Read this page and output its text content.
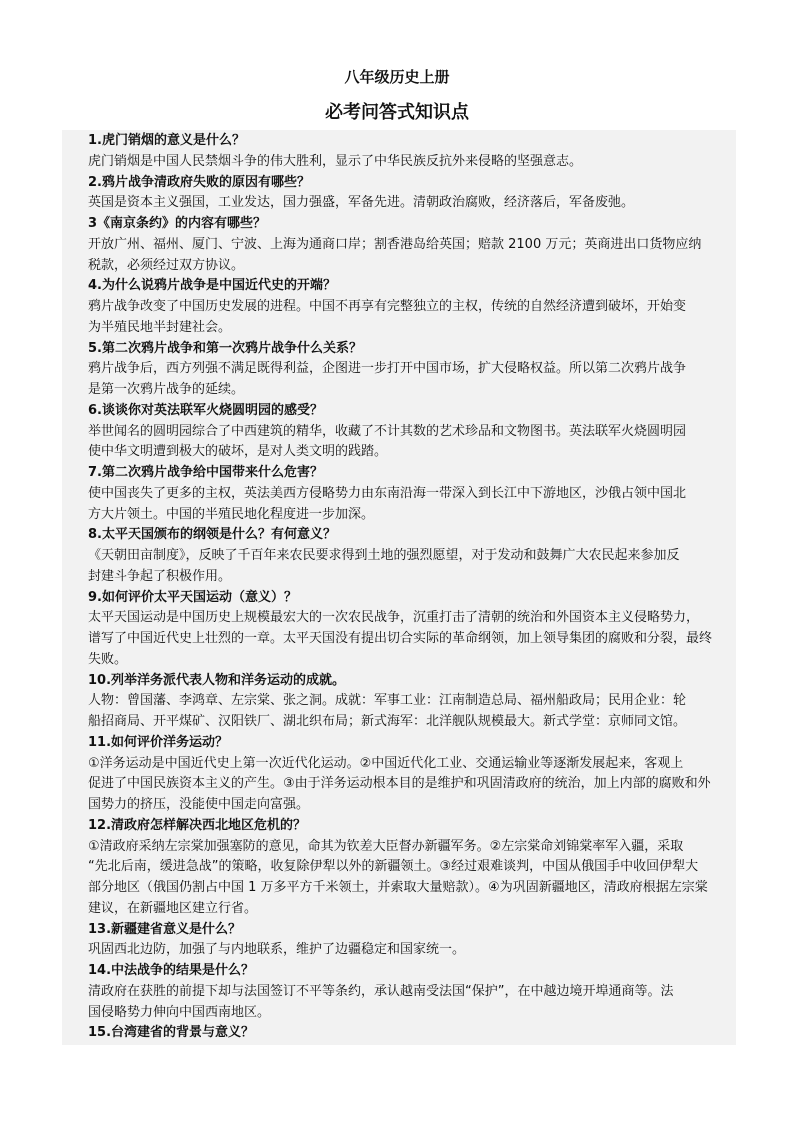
八年级历史上册
必考问答式知识点
1.虎门销烟的意义是什么？
虎门销烟是中国人民禁烟斗争的伟大胜利，显示了中华民族反抗外来侵略的坚强意志。
2.鸦片战争清政府失败的原因有哪些？
英国是资本主义强国，工业发达，国力强盛，军备先进。清朝政治腐败，经济落后，军备废弛。
3《南京条约》的内容有哪些？
开放广州、福州、厦门、宁波、上海为通商口岸；割香港岛给英国；赔款 2100 万元；英商进出口货物应纳
税款，必须经过双方协议。
4.为什么说鸦片战争是中国近代史的开端？
鸦片战争改变了中国历史发展的进程。中国不再享有完整独立的主权，传统的自然经济遭到破坏，开始变
为半殖民地半封建社会。
5.第二次鸦片战争和第一次鸦片战争什么关系？
鸦片战争后，西方列强不满足既得利益，企图进一步打开中国市场，扩大侵略权益。所以第二次鸦片战争
是第一次鸦片战争的延续。
6.谈谈你对英法联军火烧圆明园的感受？
举世闻名的圆明园综合了中西建筑的精华，收藏了不计其数的艺术珍品和文物图书。英法联军火烧圆明园
使中华文明遭到极大的破坏，是对人类文明的践踏。
7.第二次鸦片战争给中国带来什么危害？
使中国丧失了更多的主权，英法美西方侵略势力由东南沿海一带深入到长江中下游地区，沙俄占领中国北
方大片领土。中国的半殖民地化程度进一步加深。
8.太平天国颁布的纲领是什么？有何意义？
《天朝田亩制度》，反映了千百年来农民要求得到土地的强烈愿望，对于发动和鼓舞广大农民起来参加反
封建斗争起了积极作用。
9.如何评价太平天国运动（意义）？
太平天国运动是中国历史上规模最宏大的一次农民战争，沉重打击了清朝的统治和外国资本主义侵略势力，
谱写了中国近代史上壮烈的一章。太平天国没有提出切合实际的革命纲领，加上领导集团的腐败和分裂，最终
失败。
10.列举洋务派代表人物和洋务运动的成就。
人物：曾国藩、李鸿章、左宗棠、张之洞。成就：军事工业：江南制造总局、福州船政局；民用企业：轮
船招商局、开平煤矿、汉阳铁厂、湖北织布局；新式海军：北洋舰队规模最大。新式学堂：京师同文馆。
11.如何评价洋务运动？
①洋务运动是中国近代史上第一次近代化运动。②中国近代化工业、交通运输业等逐渐发展起来，客观上
促进了中国民族资本主义的产生。③由于洋务运动根本目的是维护和巩固清政府的统治，加上内部的腐败和外
国势力的挤压，没能使中国走向富强。
12.清政府怎样解决西北地区危机的？
①清政府采纳左宗棠加强塞防的意见，命其为钦差大臣督办新疆军务。②左宗棠命刘锦棠率军入疆，采取
“先北后南，缓进急战”的策略，收复除伊犁以外的新疆领土。③经过艰难谈判，中国从俄国手中收回伊犁大
部分地区（俄国仍割占中国 1 万多平方千米领土，并索取大量赔款）。④为巩固新疆地区，清政府根据左宗棠
建议，在新疆地区建立行省。
13.新疆建省意义是什么？
巩固西北边防，加强了与内地联系，维护了边疆稳定和国家统一。
14.中法战争的结果是什么？
清政府在获胜的前提下却与法国签订不平等条约，承认越南受法国“保护”，在中越边境开埠通商等。法
国侵略势力伸向中国西南地区。
15.台湾建省的背景与意义？
